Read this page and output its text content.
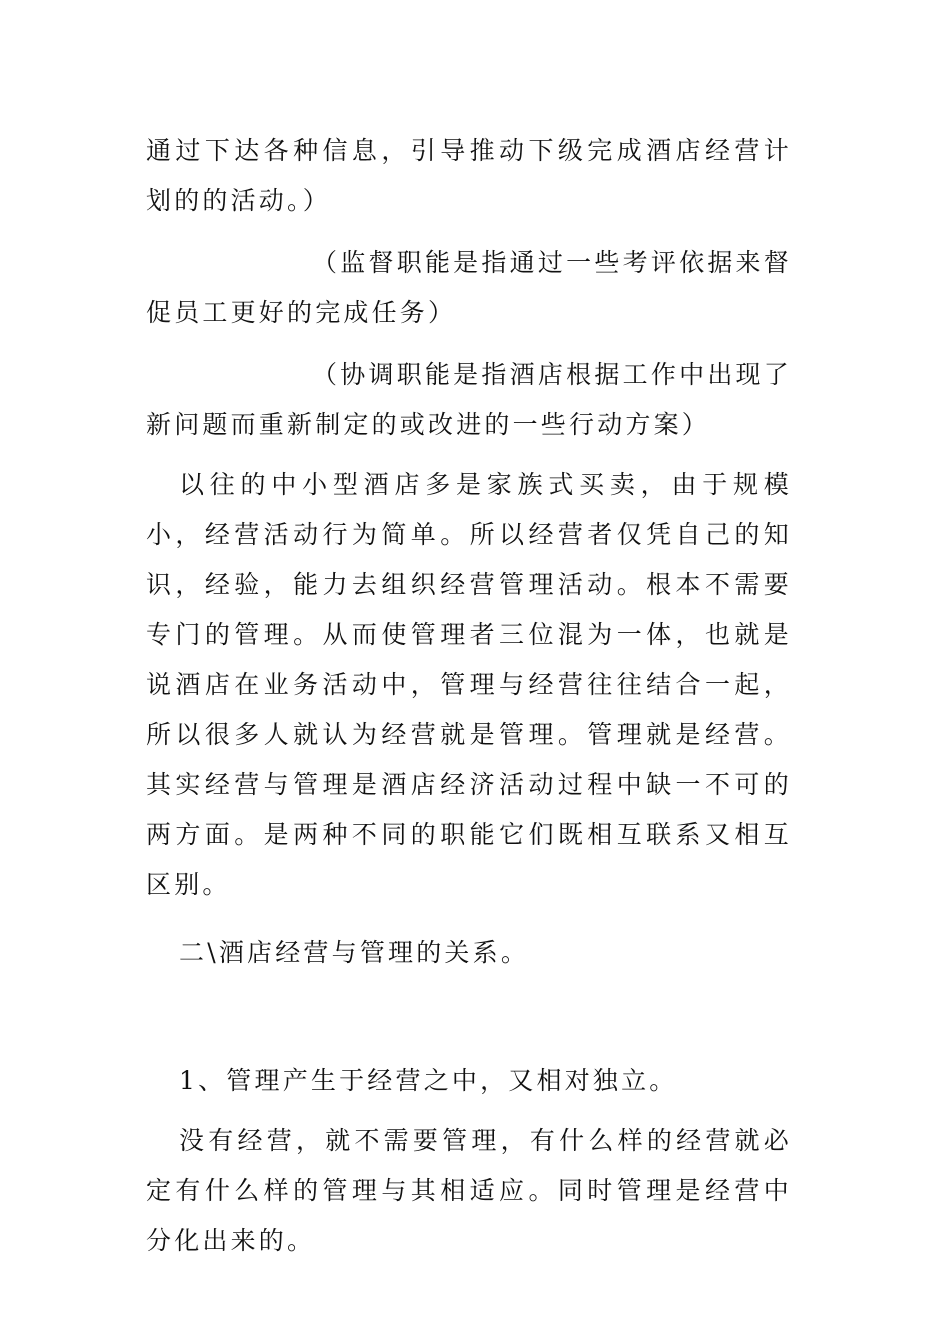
通过下达各种信息，引导推动下级完成酒店经营计划的的活动。）

（监督职能是指通过一些考评依据来督促员工更好的完成任务）

（协调职能是指酒店根据工作中出现了新问题而重新制定的或改进的一些行动方案）

以往的中小型酒店多是家族式买卖，由于规模小，经营活动行为简单。所以经营者仅凭自己的知识，经验，能力去组织经营管理活动。根本不需要专门的管理。从而使管理者三位混为一体，也就是说酒店在业务活动中，管理与经营往往结合一起，所以很多人就认为经营就是管理。管理就是经营。其实经营与管理是酒店经济活动过程中缺一不可的两方面。是两种不同的职能它们既相互联系又相互区别。

二\酒店经营与管理的关系。

1、管理产生于经营之中，又相对独立。

没有经营，就不需要管理，有什么样的经营就必定有什么样的管理与其相适应。同时管理是经营中分化出来的。
